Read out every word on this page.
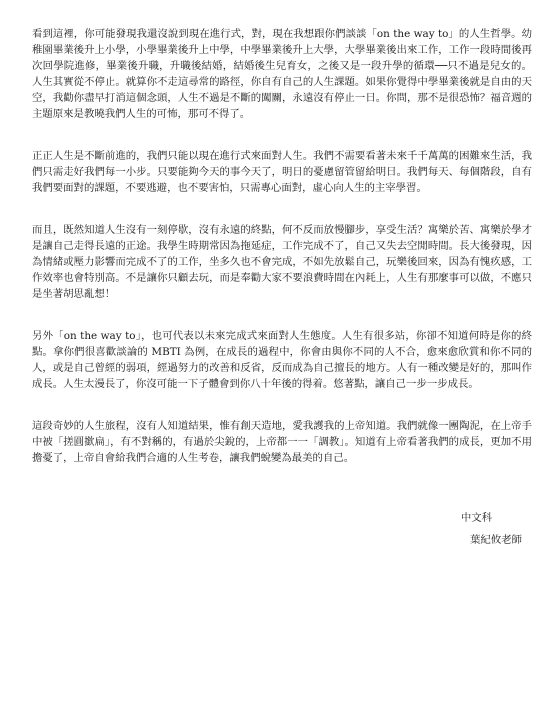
看到這裡，你可能發現我還沒說到現在進行式，對，現在我想跟你們談談「on the way to」的人生哲學。幼稚園畢業後升上小學，小學畢業後升上中學，中學畢業後升上大學，大學畢業後出來工作，工作一段時間後再次回學院進修，畢業後升職，升職後結婚，結婚後生兒育女，之後又是一段升學的循環──只不過是兒女的。人生其實從不停止。就算你不走這尋常的路徑，你自有自己的人生課題。如果你覺得中學畢業後就是自由的天空，我勸你盡早打消這個念頭，人生不過是不斷的闖關，永遠沒有停止一日。你問，那不是很恐怖？福音週的主題原來是教曉我們人生的可怖，那可不得了。

正正人生是不斷前進的，我們只能以現在進行式來面對人生。我們不需要看著未來千千萬萬的困難來生活，我們只需走好我們每一小步。只要能夠今天的事今天了，明日的憂慮留管留給明日。我們每天、每個階段，自有我們要面對的課題，不要逃避，也不要害怕，只需專心面對，虛心向人生的主宰學習。

而且，既然知道人生沒有一刻停歇，沒有永遠的終點，何不反而放慢腳步，享受生活？寓樂於苦、寓樂於學才是讓自己走得長遠的正途。我學生時期常因為拖延症，工作完成不了，自己又失去空閒時間。長大後發現，因為情緒或壓力影響而完成不了的工作，坐多久也不會完成，不如先放鬆自己，玩樂後回來，因為有愧疚感，工作效率也會特別高。不是讓你只顧去玩，而是奉勸大家不要浪費時間在內耗上，人生有那麼事可以做，不應只是坐著胡思亂想！

另外「on the way to」，也可代表以未來完成式來面對人生態度。人生有很多站，你卻不知道何時是你的終點。拿你們很喜歡談論的 MBTI 為例，在成長的過程中，你會由與你不同的人不合，愈來愈欣賞和你不同的人，或是自己曾經的弱項，經過努力的改善和反省，反而成為自己擅長的地方。人有一種改變是好的，那叫作成長。人生太漫長了，你沒可能一下子體會到你八十年後的得着。悠著點，讓自己一步一步成長。

這段奇妙的人生旅程，沒有人知道結果，惟有創天造地，愛我護我的上帝知道。我們就像一團陶泥，在上帝手中被「搓圓撳扁」，有不對稱的，有過於尖銳的，上帝都一一「調教」。知道有上帝看著我們的成長，更加不用擔憂了，上帝自會給我們合適的人生考卷，讓我們蛻變為最美的自己。

中文科
葉紀攸老師
